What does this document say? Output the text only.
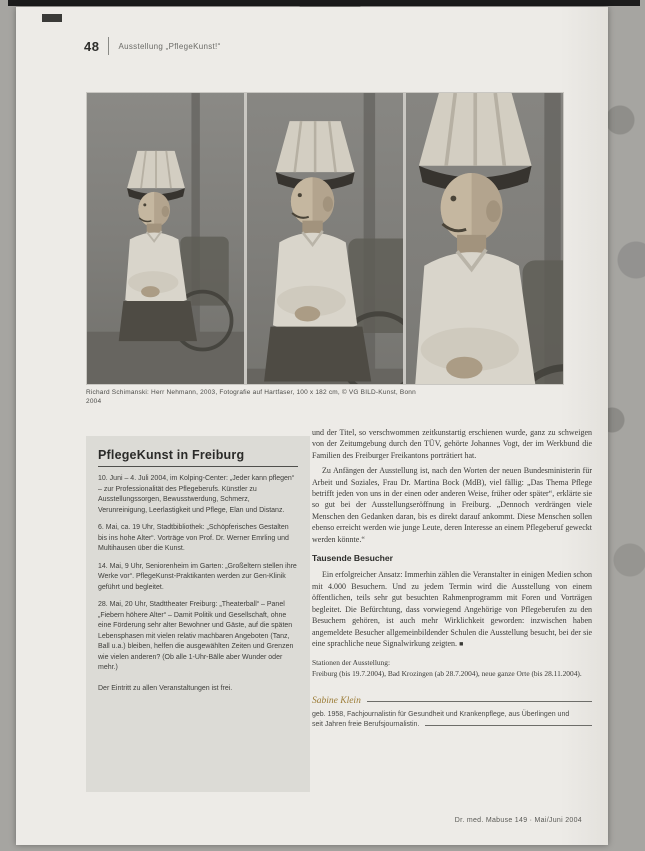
48 Ausstellung „PflegeKunst!“
Richard Schimanski: Herr Nehmann, 2003, Fotografie auf Hartfaser, 100 x 182 cm, © VG BILD-Kunst, Bonn
2004
PflegeKunst in Freiburg

10. Juni – 4. Juli 2004, im Kolping-Center: „Jeder kann pflegen“ – zur Professionalität des Pflegeberufs. Künstler zu Ausstellungssorgen, Bewusstwerdung, Schmerz, Verunreinigung, Leerlastigkeit und Pflege, Elan und Distanz.

6. Mai, ca. 19 Uhr, Stadtbibliothek: „Schöpferisches Gestalten bis ins hohe Alter“. Vorträge von Prof. Dr. Werner Emrling und Multihausen über die Kunst.

14. Mai, 9 Uhr, Seniorenheim im Garten: „Großeltern stellen ihre Werke vor“. PflegeKunst-Praktikanten werden zur Gen-Klinik geführt und begleitet.

28. Mai, 20 Uhr, Stadttheater Freiburg: „Theaterball“ – Panel „Fiebern höhere Alter“ – Damit Politik und Gesellschaft, ohne eine Förderung sehr alter Bewohner und Gäste, auf die späten Lebensphasen mit vielen relativ machbaren Angeboten (Tanz, Ball u.a.) bleiben, helfen die ausgewählten Zeiten und Grenzen wie vielen anderen? (Ob alle 1-Uhr-Bälle aber Wunder oder mehr.)

Der Eintritt zu allen Veranstaltungen ist frei.

und der Titel, so verschwommen zeitkunstartig erschienen wurde, ganz zu schweigen von der Zeitumgebung durch den TÜV, gehörte Johannes Vogt, der im Werkbund die Familien des Freiburger Freikantons porträtiert hat.

Zu Anfängen der Ausstellung ist, nach den Worten der neuen Bundesministerin für Arbeit und Soziales, Frau Dr. Martina Bock (MdB), viel fällig: „Das Thema Pflege betrifft jeden von uns in der einen oder anderen Weise, früher oder später“, erklärte sie so gut bei der Ausstellungseröffnung in Freiburg. „Dennoch verdrängen viele Menschen den Gedanken daran, bis es direkt darauf ankommt. Diese Menschen sollen ebenso erreicht werden wie junge Leute, deren Interesse an einem Pflegeberuf geweckt werden könnte.“

Tausende Besucher

Ein erfolgreicher Ansatz: Immerhin zählen die Veranstalter in einigen Medien schon mit 4.000 Besuchern. Und zu jedem Termin wird die Ausstellung von einem öffentlichen, teils sehr gut besuchten Rahmenprogramm mit Foren und Vorträgen begleitet. Die Befürchtung, dass vorwiegend Angehörige von Pflegeberufen zu den Besuchern gehören, ist auch mehr Wirklichkeit geworden: inzwischen haben angemeldete Besucher allgemeinbildender Schulen die Ausstellung besucht, bei der sie eine sprachliche neue Signalwirkung zeigten. ■

Stationen der Ausstellung:
Freiburg (bis 19.7.2004), Bad Krozingen (ab 28.7.2004), neue ganze Orte (bis 28.11.2004).
Sabine Klein
geb. 1958, Fachjournalistin für Gesundheit und Krankenpflege, aus Überlingen und
seit Jahren freie Berufsjournalistin.
Dr. med. Mabuse 149 · Mai/Juni 2004
